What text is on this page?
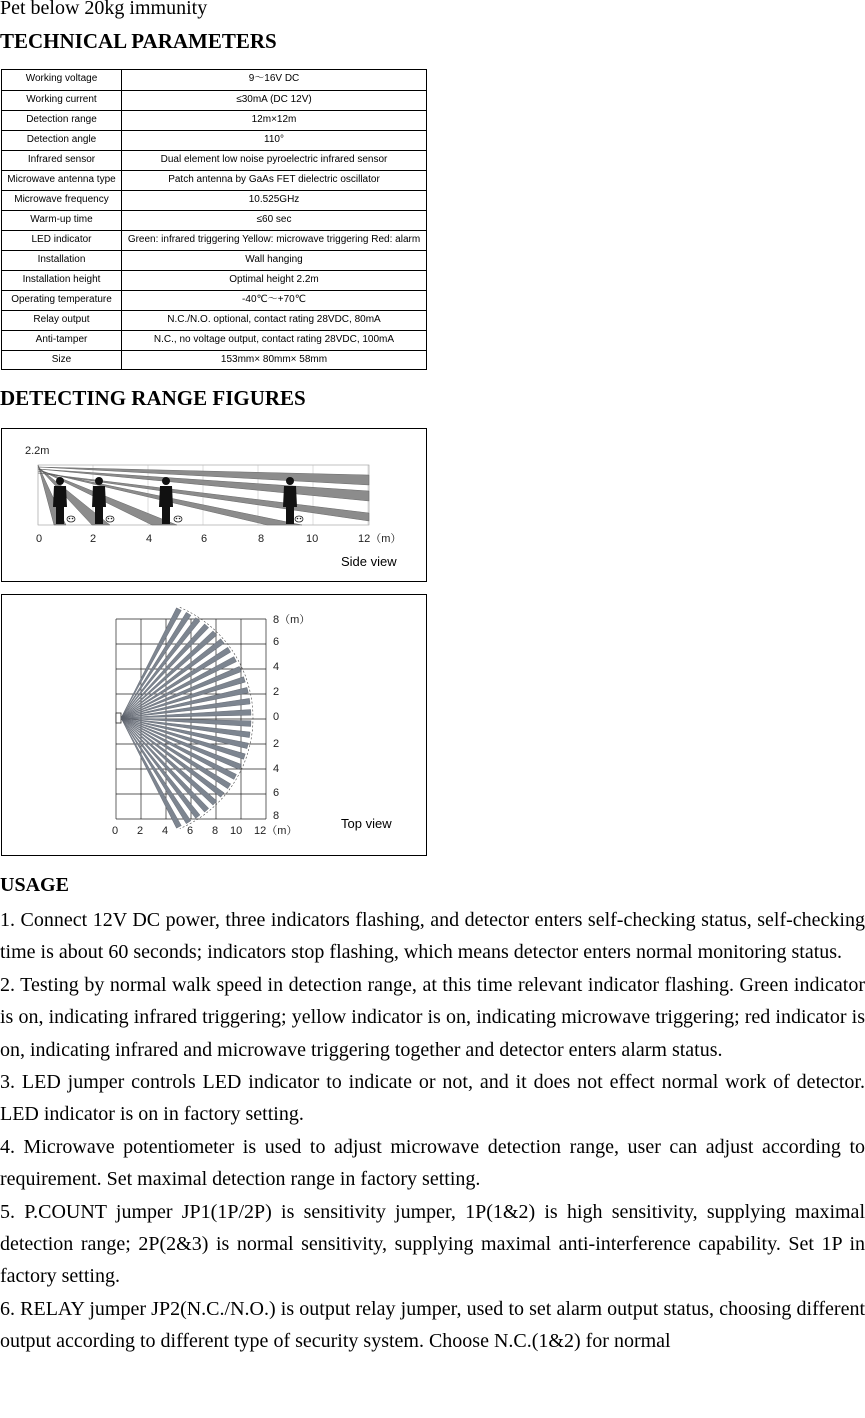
Pet below 20kg immunity
TECHNICAL PARAMETERS
Working voltage	9～16V DC
Working current	≤30mA (DC 12V)
Detection range	12m×12m
Detection angle	110°
Infrared sensor	Dual element low noise pyroelectric infrared sensor
Microwave antenna type	Patch antenna by GaAs FET dielectric oscillator
Microwave frequency	10.525GHz
Warm-up time	≤60 sec
LED indicator	Green: infrared triggering Yellow: microwave triggering Red: alarm
Installation	Wall hanging
Installation height	Optimal height 2.2m
Operating temperature	-40℃～+70℃
Relay output	N.C./N.O. optional, contact rating 28VDC, 80mA
Anti-tamper	N.C., no voltage output, contact rating 28VDC, 100mA
Size	153mm× 80mm× 58mm
DETECTING RANGE FIGURES
2.2m
0	2	4	6	8	10	12（m）
Side view
8（m）
6
4
2
0
2
4
6
8
0 2 4 6 8 10 12（m）	Top view
USAGE

1. Connect 12V DC power, three indicators flashing, and detector enters self-checking status, self-checking time is about 60 seconds; indicators stop flashing, which means detector enters normal monitoring status.

2. Testing by normal walk speed in detection range, at this time relevant indicator flashing. Green indicator is on, indicating infrared triggering; yellow indicator is on, indicating microwave triggering; red indicator is on, indicating infrared and microwave triggering together and detector enters alarm status.

3. LED jumper controls LED indicator to indicate or not, and it does not effect normal work of detector. LED indicator is on in factory setting.

4. Microwave potentiometer is used to adjust microwave detection range, user can adjust according to requirement. Set maximal detection range in factory setting.

5. P.COUNT jumper JP1(1P/2P) is sensitivity jumper, 1P(1&2) is high sensitivity, supplying maximal detection range; 2P(2&3) is normal sensitivity, supplying maximal anti-interference capability. Set 1P in factory setting.

6. RELAY jumper JP2(N.C./N.O.) is output relay jumper, used to set alarm output status, choosing different output according to different type of security system. Choose N.C.(1&2) for normal
